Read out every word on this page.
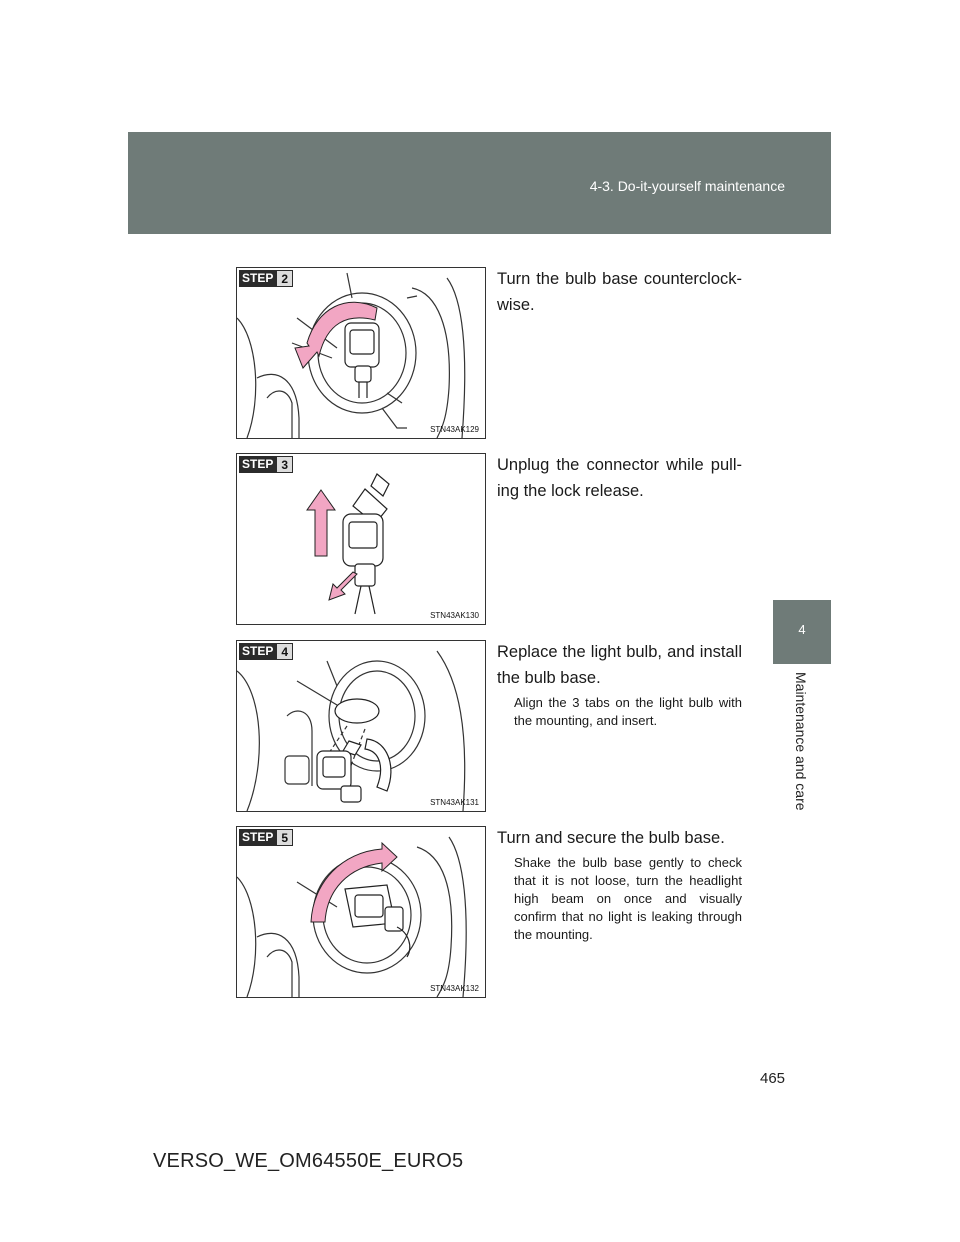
4-3. Do-it-yourself maintenance
4
Maintenance and care
STEP 2
STN43AK129
Turn the bulb base counterclock-wise.
STEP 3
STN43AK130
Unplug the connector while pull-ing the lock release.
STEP 4
STN43AK131
Replace the light bulb, and install the bulb base.
Align the 3 tabs on the light bulb with the mounting, and insert.
STEP 5
STN43AK132
Turn and secure the bulb base.
Shake the bulb base gently to check that it is not loose, turn the headlight high beam on once and visually confirm that no light is leaking through the mounting.
465
VERSO_WE_OM64550E_EURO5
